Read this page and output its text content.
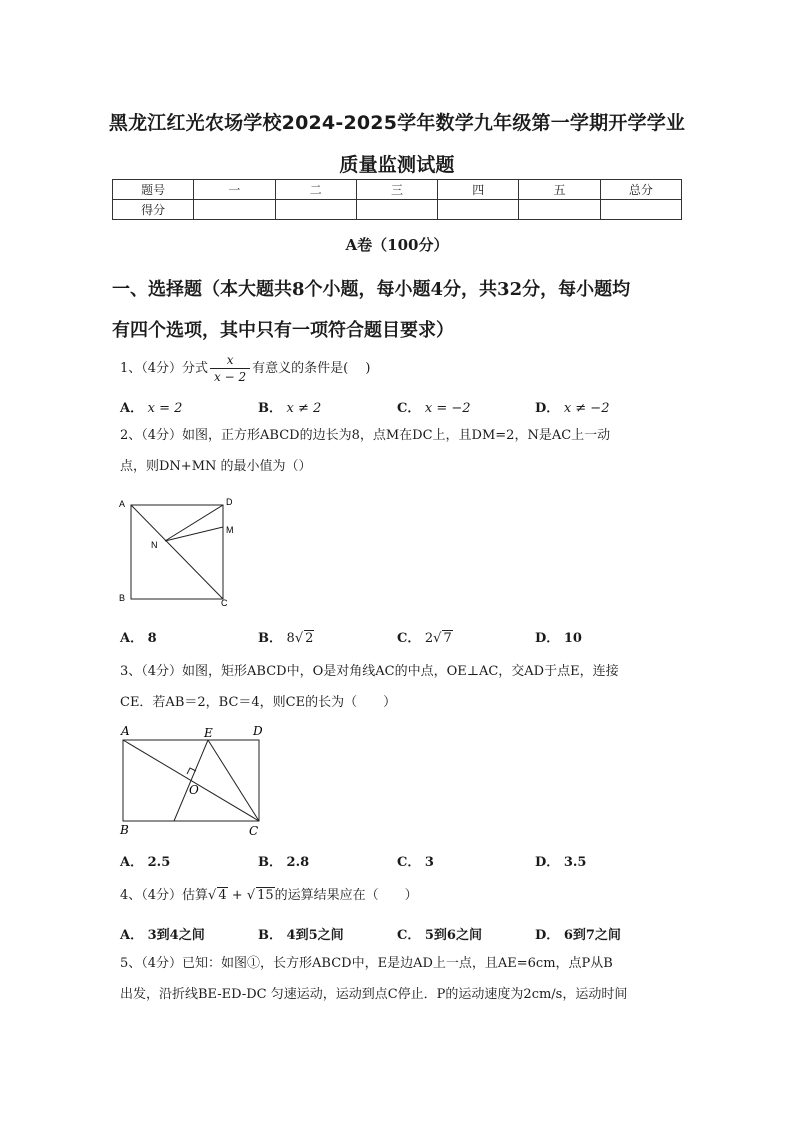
黑龙江红光农场学校2024-2025学年数学九年级第一学期开学学业
质量监测试题
题号	一	二	三	四	五	总分
得分						
A卷（100分）
一、选择题（本大题共8个小题，每小题4分，共32分，每小题均
有四个选项，其中只有一项符合题目要求）
1、（4分）分式 $\frac{x}{x - 2}$ 有意义的条件是(　 )
A． x = 2	B． x ≠ 2	C． x = −2	D． x ≠ −2
2、（4分）如图，正方形ABCD的边长为8，点M在DC上，且DM=2，N是AC上一动
点，则DN+MN 的最小值为（）
A	D
M
N
B	C
A． 8	B． 8√ 2	C． 2√ 7	D． 10
3、（4分）如图，矩形ABCD中，O是对角线AC的中点，OE⊥AC，交AD于点E，连接
CE．若AB＝2，BC＝4，则CE的长为（　　）
A	E	D
O
B	C
A． 2.5	B． 2.8	C． 3	D． 3.5
4、（4分）估算√ 4 + √ 15的运算结果应在（　　）
A． 3到4之间	B． 4到5之间	C． 5到6之间	D． 6到7之间
5、（4分）已知：如图①，长方形ABCD中，E是边AD上一点，且AE=6cm，点P从B
出发，沿折线BE-ED-DC 匀速运动，运动到点C停止．P的运动速度为2cm/s，运动时间
